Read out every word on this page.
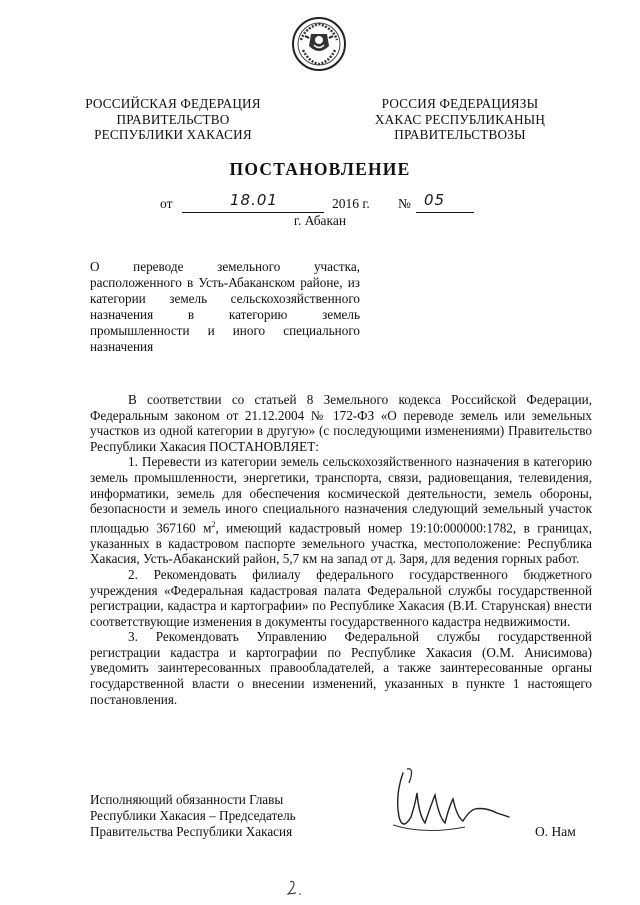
РОССИЙСКАЯ ФЕДЕРАЦИЯ
ПРАВИТЕЛЬСТВО
РЕСПУБЛИКИ ХАКАСИЯ
РОССИЯ ФЕДЕРАЦИЯЗЫ
ХАКАС РЕСПУБЛИКАНЫҢ
ПРАВИТЕЛЬСТВОЗЫ
ПОСТАНОВЛЕНИЕ
от	18.01	2016 г. № 05
г. Абакан
О переводе земельного участка, расположенного в Усть-Абаканском районе, из категории земель сельскохозяйственного назначения в категорию земель промышленности и иного специального назначения

В соответствии со статьей 8 Земельного кодекса Российской Федерации, Федеральным законом от 21.12.2004 № 172-ФЗ «О переводе земель или земельных участков из одной категории в другую» (с последующими изменениями) Правительство Республики Хакасия ПОСТАНОВЛЯЕТ:

1. Перевести из категории земель сельскохозяйственного назначения в категорию земель промышленности, энергетики, транспорта, связи, радиовещания, телевидения, информатики, земель для обеспечения космической деятельности, земель обороны, безопасности и земель иного специального назначения следующий земельный участок площадью 367160 $м^2$, имеющий кадастровый номер 19:10:000000:1782, в границах, указанных в кадастровом паспорте земельного участка, местоположение: Республика Хакасия, Усть-Абаканский район, 5,7 км на запад от д. Заря, для ведения горных работ.

2. Рекомендовать филиалу федерального государственного бюджетного учреждения «Федеральная кадастровая палата Федеральной службы государственной регистрации, кадастра и картографии» по Республике Хакасия (В.И. Старунская) внести соответствующие изменения в документы государственного кадастра недвижимости.

3. Рекомендовать Управлению Федеральной службы государственной регистрации кадастра и картографии по Республике Хакасия (О.М. Анисимова) уведомить заинтересованных правообладателей, а также заинтересованные органы государственной власти о внесении изменений, указанных в пункте 1 настоящего постановления.

Исполняющий обязанности Главы
Республики Хакасия – Председатель
Правительства Республики Хакасия	О. Нам
